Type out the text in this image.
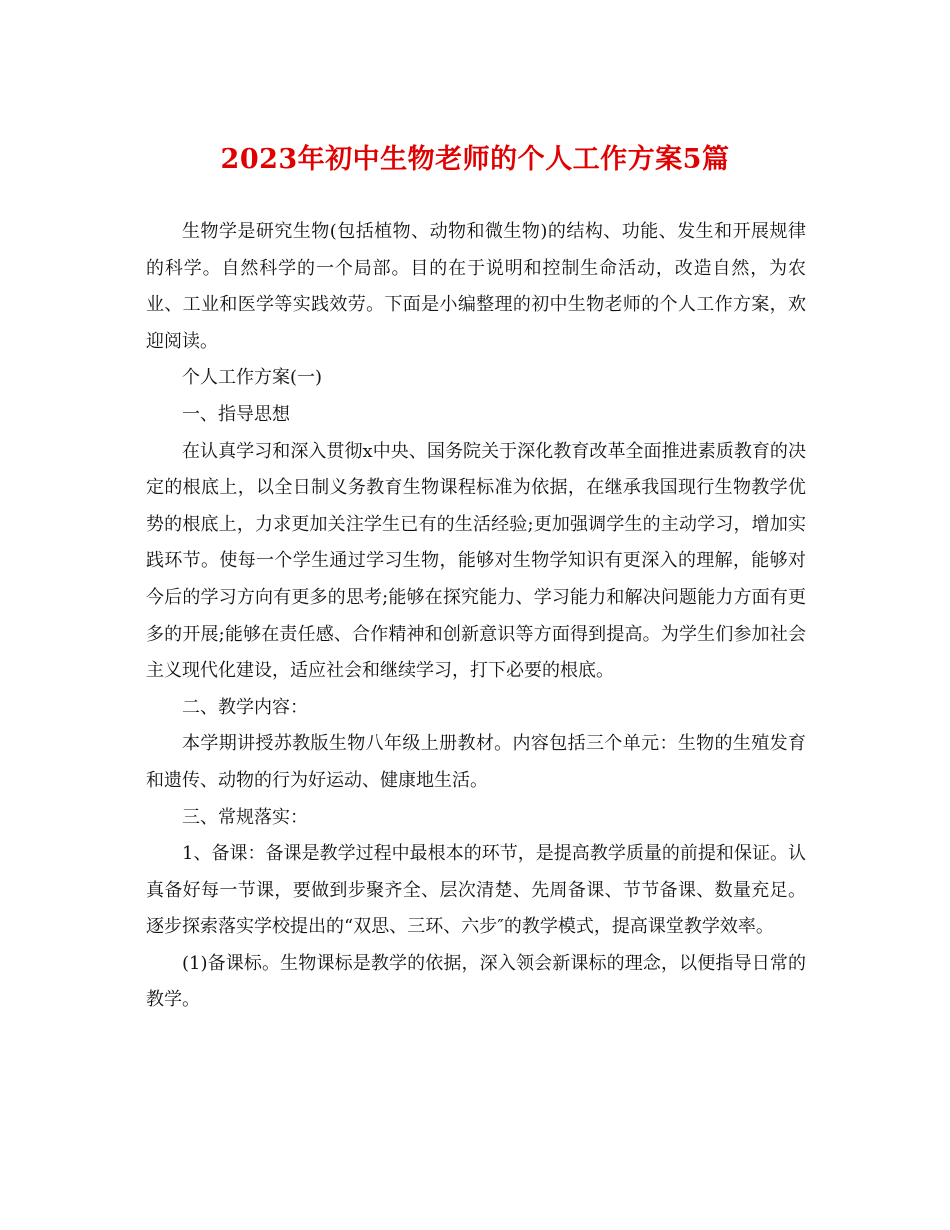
2023年初中生物老师的个人工作方案5篇

生物学是研究生物(包括植物、动物和微生物)的结构、功能、发生和开展规律的科学。自然科学的一个局部。目的在于说明和控制生命活动，改造自然，为农业、工业和医学等实践效劳。下面是小编整理的初中生物老师的个人工作方案，欢迎阅读。

个人工作方案(一)

一、指导思想

在认真学习和深入贯彻x中央、国务院关于深化教育改革全面推进素质教育的决定的根底上，以全日制义务教育生物课程标准为依据，在继承我国现行生物教学优势的根底上，力求更加关注学生已有的生活经验;更加强调学生的主动学习，增加实践环节。使每一个学生通过学习生物，能够对生物学知识有更深入的理解，能够对今后的学习方向有更多的思考;能够在探究能力、学习能力和解决问题能力方面有更多的开展;能够在责任感、合作精神和创新意识等方面得到提高。为学生们参加社会主义现代化建设，适应社会和继续学习，打下必要的根底。

二、教学内容：

本学期讲授苏教版生物八年级上册教材。内容包括三个单元：生物的生殖发育和遗传、动物的行为好运动、健康地生活。

三、常规落实：

1、备课：备课是教学过程中最根本的环节，是提高教学质量的前提和保证。认真备好每一节课，要做到步聚齐全、层次清楚、先周备课、节节备课、数量充足。逐步探索落实学校提出的“双思、三环、六步″的教学模式，提高课堂教学效率。

(1)备课标。生物课标是教学的依据，深入领会新课标的理念，以便指导日常的教学。
